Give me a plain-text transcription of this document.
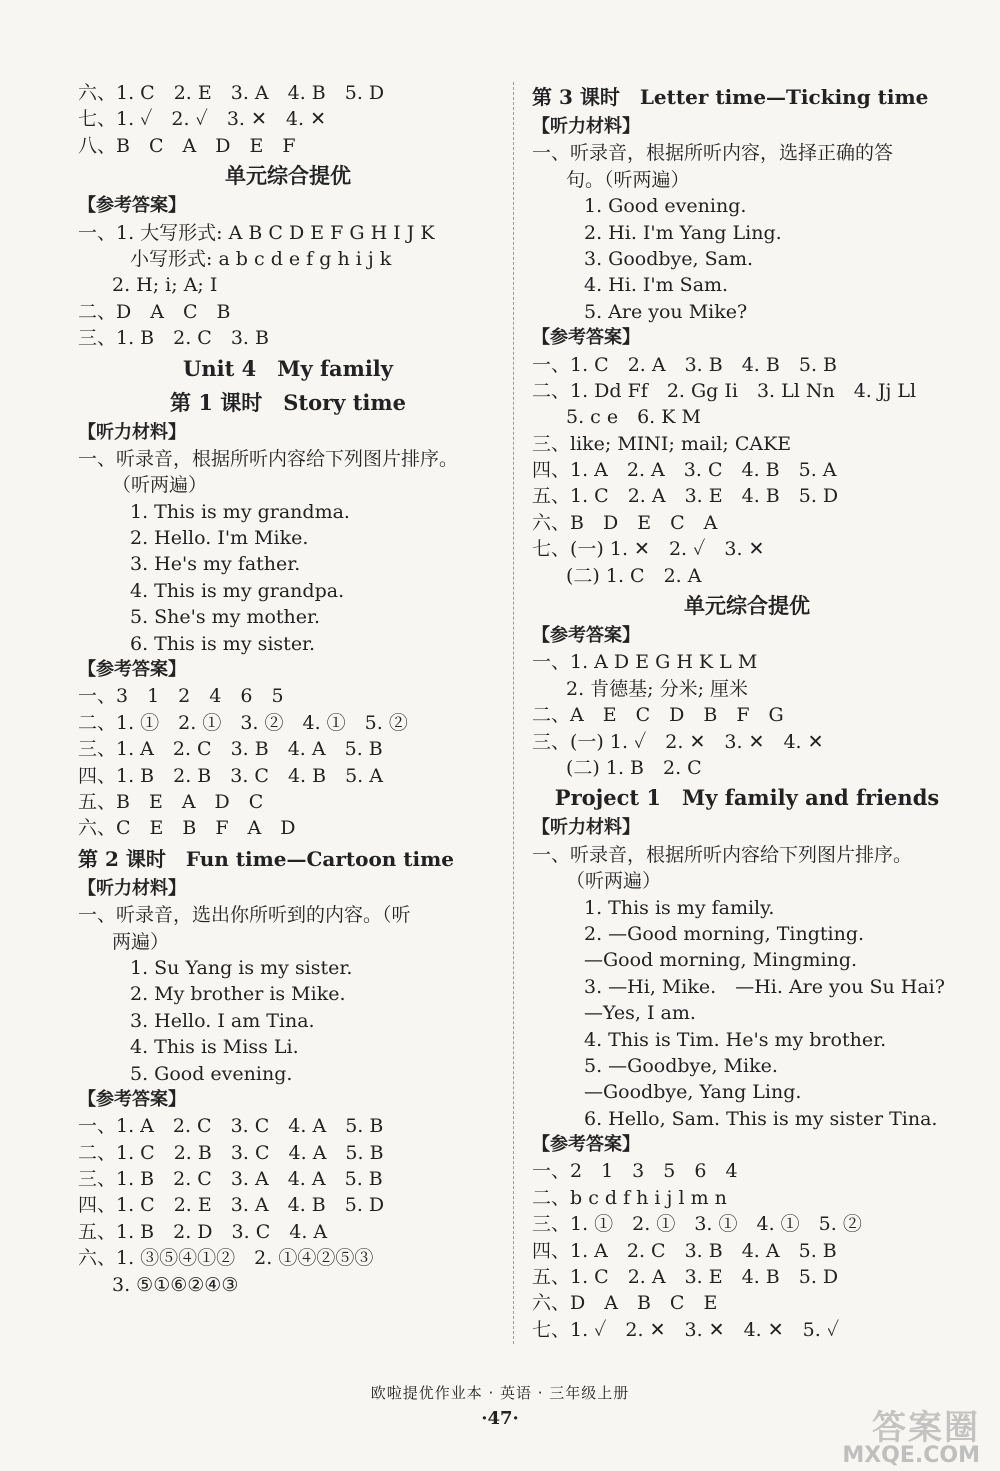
六、1. C　2. E　3. A　4. B　5. D
七、1. ✓　2. ✓　3. ✕　4. ✕
八、B　C　A　D　E　F
单元综合提优
【参考答案】
一、1. 大写形式: A B C D E F G H I J K
小写形式: a b c d e f g h i j k
2. H; i; A; I
二、D　A　C　B
三、1. B　2. C　3. B
Unit 4　My family
第 1 课时　Story time
【听力材料】
一、听录音，根据所听内容给下列图片排序。
（听两遍）
1. This is my grandma.
2. Hello. I'm Mike.
3. He's my father.
4. This is my grandpa.
5. She's my mother.
6. This is my sister.
【参考答案】
一、3　1　2　4　6　5
二、1. ①　2. ①　3. ②　4. ①　5. ②
三、1. A　2. C　3. B　4. A　5. B
四、1. B　2. B　3. C　4. B　5. A
五、B　E　A　D　C
六、C　E　B　F　A　D
第 2 课时　Fun time—Cartoon time
【听力材料】
一、听录音，选出你所听到的内容。（听
两遍）
1. Su Yang is my sister.
2. My brother is Mike.
3. Hello. I am Tina.
4. This is Miss Li.
5. Good evening.
【参考答案】
一、1. A　2. C　3. C　4. A　5. B
二、1. C　2. B　3. C　4. A　5. B
三、1. B　2. C　3. A　4. A　5. B
四、1. C　2. E　3. A　4. B　5. D
五、1. B　2. D　3. C　4. A
六、1. ③⑤④①②　2. ①④②⑤③
3. ⑤①⑥②④③
第 3 课时　Letter time—Ticking time
【听力材料】
一、听录音，根据所听内容，选择正确的答
句。（听两遍）
1. Good evening.
2. Hi. I'm Yang Ling.
3. Goodbye, Sam.
4. Hi. I'm Sam.
5. Are you Mike?
【参考答案】
一、1. C　2. A　3. B　4. B　5. B
二、1. Dd Ff　2. Gg Ii　3. Ll Nn　4. Jj Ll
5. c e　6. K M
三、like; MINI; mail; CAKE
四、1. A　2. A　3. C　4. B　5. A
五、1. C　2. A　3. E　4. B　5. D
六、B　D　E　C　A
七、(一) 1. ✕　2. ✓　3. ✕
(二) 1. C　2. A
单元综合提优
【参考答案】
一、1. A D E G H K L M
2. 肯德基; 分米; 厘米
二、A　E　C　D　B　F　G
三、(一) 1. ✓　2. ✕　3. ✕　4. ✕
(二) 1. B　2. C
Project 1　My family and friends
【听力材料】
一、听录音，根据所听内容给下列图片排序。
（听两遍）
1. This is my family.
2. —Good morning, Tingting.
—Good morning, Mingming.
3. —Hi, Mike.　—Hi. Are you Su Hai?
—Yes, I am.
4. This is Tim. He's my brother.
5. —Goodbye, Mike.
—Goodbye, Yang Ling.
6. Hello, Sam. This is my sister Tina.
【参考答案】
一、2　1　3　5　6　4
二、b c d f h i j l m n
三、1. ①　2. ①　3. ①　4. ①　5. ②
四、1. A　2. C　3. B　4. A　5. B
五、1. C　2. A　3. E　4. B　5. D
六、D　A　B　C　E
七、1. ✓　2. ✕　3. ✕　4. ✕　5. ✓
欧啦提优作业本 · 英语 · 三年级上册
·47·	答案圈
MXQE.COM
